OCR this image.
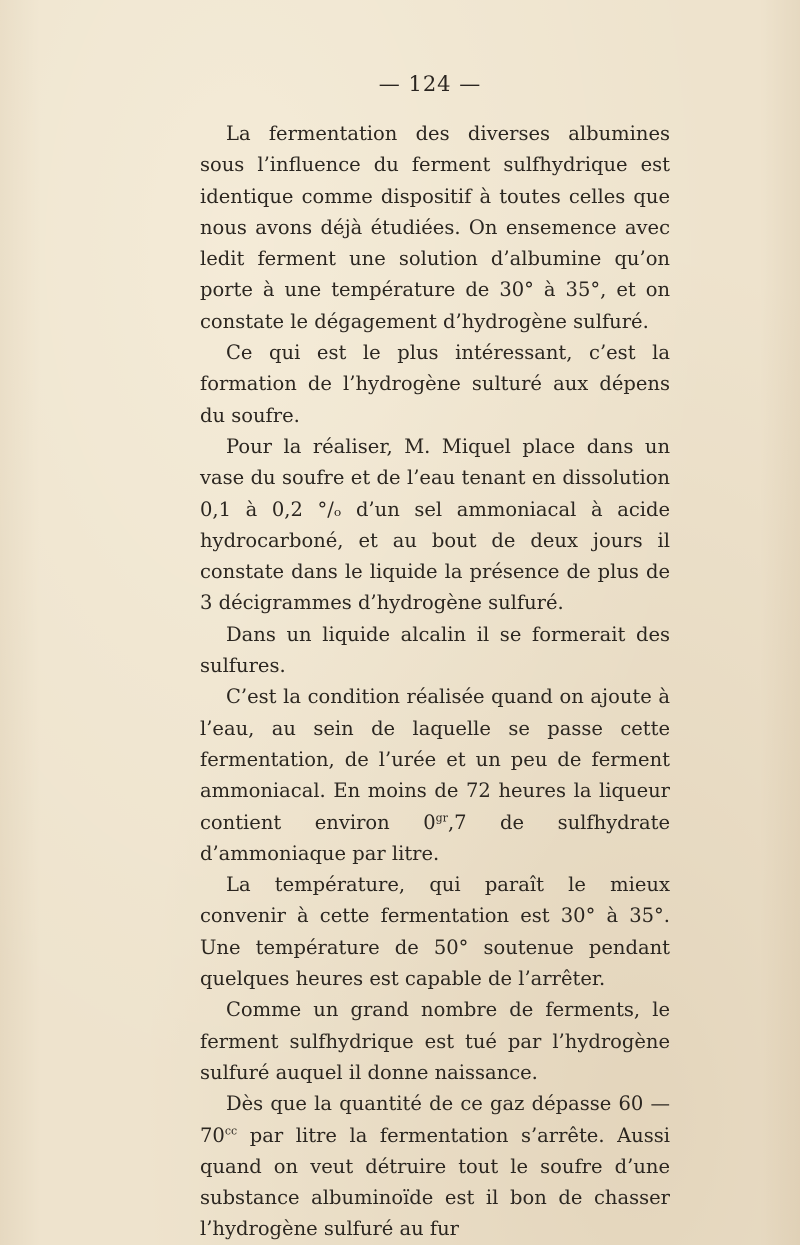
— 124 —

La fermentation des diverses albumines sous l’influence du ferment sulfhydrique est identique comme dispositif à toutes celles que nous avons déjà étudiées. On ensemence avec ledit ferment une solution d’albumine qu’on porte à une température de 30° à 35°, et on constate le dégagement d’hydrogène sulfuré.

Ce qui est le plus intéressant, c’est la formation de l’hydrogène sulturé aux dépens du soufre.

Pour la réaliser, M. Miquel place dans un vase du soufre et de l’eau tenant en dissolution 0,1 à 0,2 °/ₒ d’un sel ammoniacal à acide hydrocarboné, et au bout de deux jours il constate dans le liquide la présence de plus de 3 décigrammes d’hydrogène sulfuré.

Dans un liquide alcalin il se formerait des sulfures.

C’est la condition réalisée quand on ajoute à l’eau, au sein de laquelle se passe cette fermentation, de l’urée et un peu de ferment ammoniacal. En moins de 72 heures la liqueur contient environ $0^{gr},7$ de sulfhydrate d’ammoniaque par litre.

La température, qui paraît le mieux convenir à cette fermentation est 30° à 35°. Une température de 50° soutenue pendant quelques heures est capable de l’arrêter.

Comme un grand nombre de ferments, le ferment sulfhydrique est tué par l’hydrogène sulfuré auquel il donne naissance.

Dès que la quantité de ce gaz dépasse 60 — $70^{cc}$ par litre la fermentation s’arrête. Aussi quand on veut détruire tout le soufre d’une substance albuminoïde est il bon de chasser l’hydrogène sulfuré au fur
